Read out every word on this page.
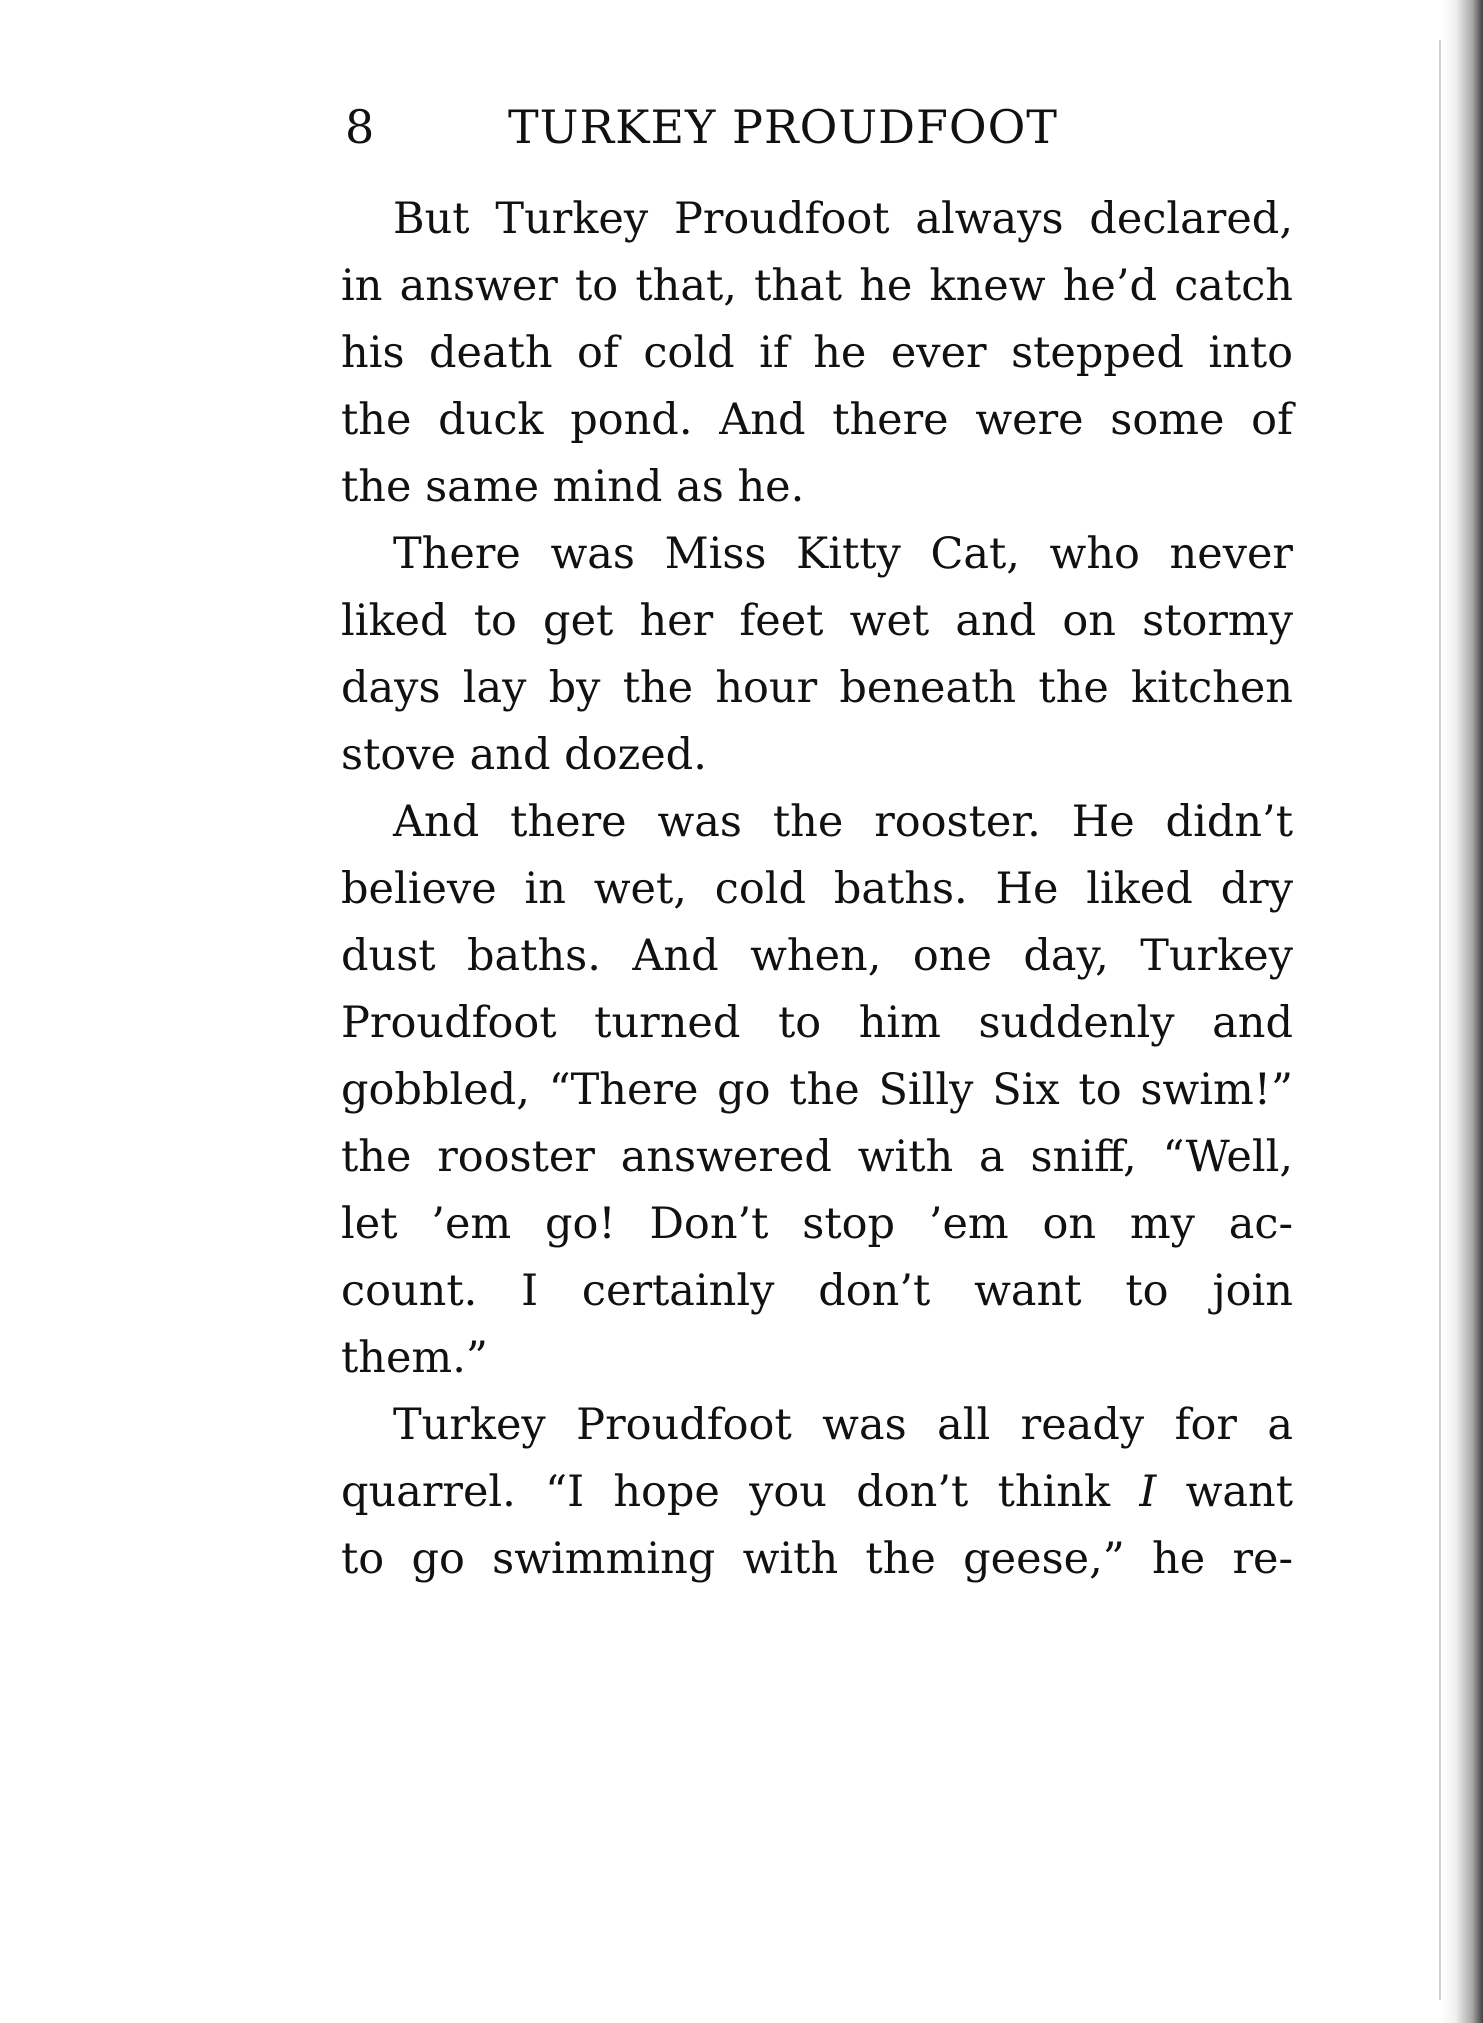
8	TURKEY PROUDFOOT
But Turkey Proudfoot always declared,
in answer to that, that he knew he’d catch
his death of cold if he ever stepped into
the duck pond. And there were some of
the same mind as he.
There was Miss Kitty Cat, who never
liked to get her feet wet and on stormy
days lay by the hour beneath the kitchen
stove and dozed.
And there was the rooster. He didn’t
believe in wet, cold baths. He liked dry
dust baths. And when, one day, Turkey
Proudfoot turned to him suddenly and
gobbled, “There go the Silly Six to swim!”
the rooster answered with a sniff, “Well,
let ’em go! Don’t stop ’em on my ac-
count. I certainly don’t want to join
them.”
Turkey Proudfoot was all ready for a
quarrel. “I hope you don’t think I want
to go swimming with the geese,” he re-
